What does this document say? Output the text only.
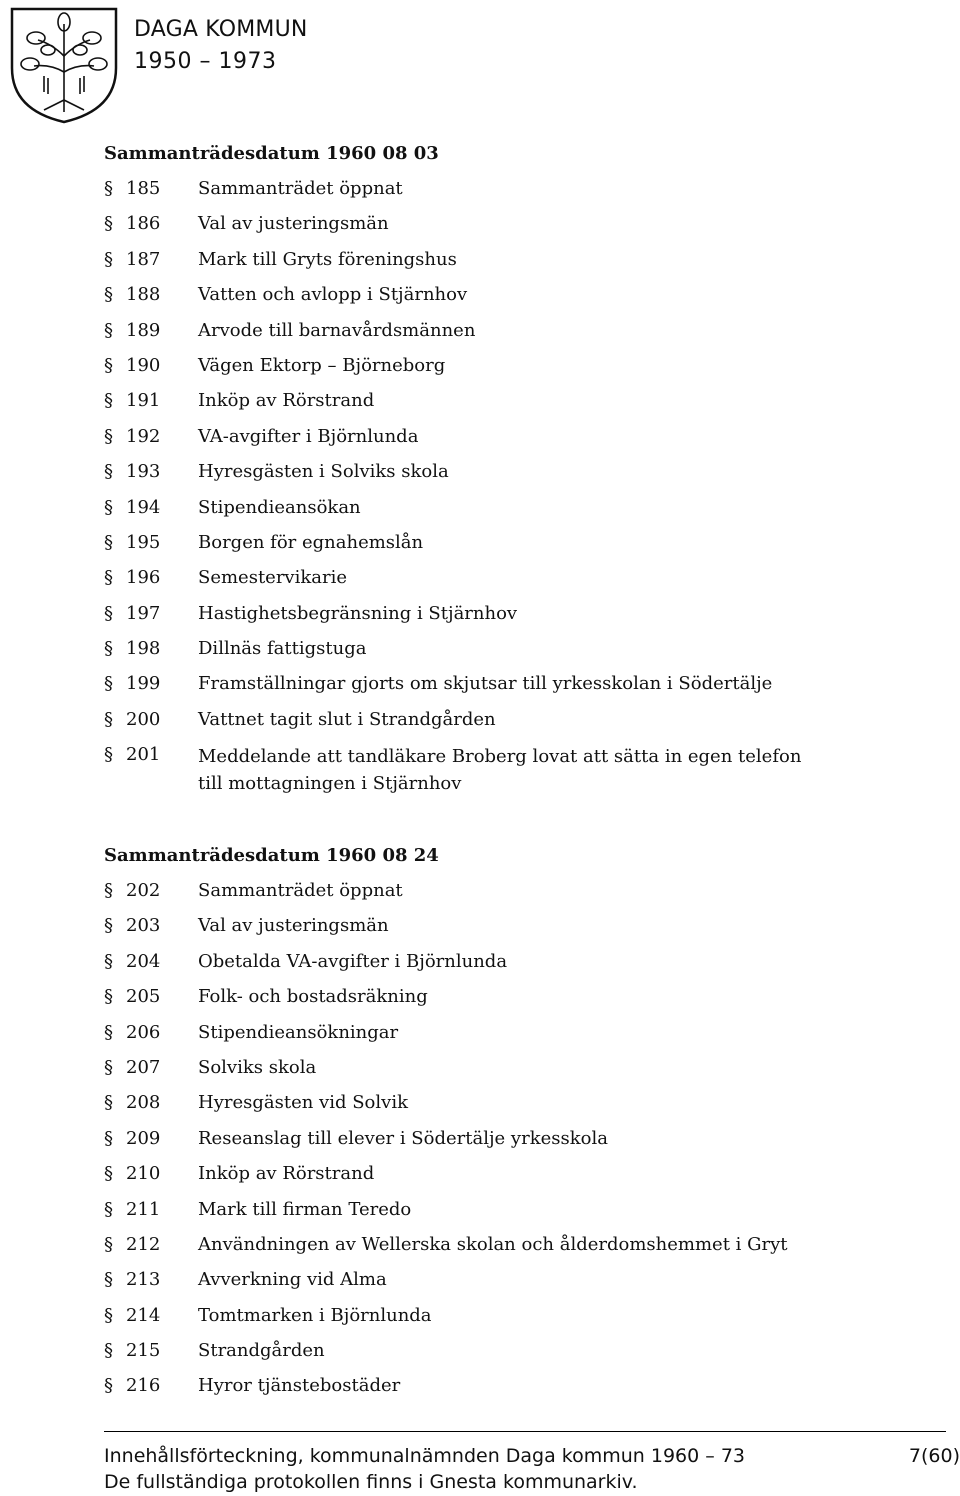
DAGA KOMMUN
1950 – 1973
Sammanträdesdatum 1960 08 03
§ 185	Sammanträdet öppnat
§ 186	Val av justeringsmän
§ 187	Mark till Gryts föreningshus
§ 188	Vatten och avlopp i Stjärnhov
§ 189	Arvode till barnavårdsmännen
§ 190	Vägen Ektorp – Björneborg
§ 191	Inköp av Rörstrand
§ 192	VA-avgifter i Björnlunda
§ 193	Hyresgästen i Solviks skola
§ 194	Stipendieansökan
§ 195	Borgen för egnahemslån
§ 196	Semestervikarie
§ 197	Hastighetsbegränsning i Stjärnhov
§ 198	Dillnäs fattigstuga
§ 199	Framställningar gjorts om skjutsar till yrkesskolan i Södertälje
§ 200	Vattnet tagit slut i Strandgården
§ 201	Meddelande att tandläkare Broberg lovat att sätta in egen telefon till mottagningen i Stjärnhov
Sammanträdesdatum 1960 08 24
§ 202	Sammanträdet öppnat
§ 203	Val av justeringsmän
§ 204	Obetalda VA-avgifter i Björnlunda
§ 205	Folk- och bostadsräkning
§ 206	Stipendieansökningar
§ 207	Solviks skola
§ 208	Hyresgästen vid Solvik
§ 209	Reseanslag till elever i Södertälje yrkesskola
§ 210	Inköp av Rörstrand
§ 211	Mark till firman Teredo
§ 212	Användningen av Wellerska skolan och ålderdomshemmet i Gryt
§ 213	Avverkning vid Alma
§ 214	Tomtmarken i Björnlunda
§ 215	Strandgården
§ 216	Hyror tjänstebostäder
Innehållsförteckning, kommunalnämnden Daga kommun 1960 – 73	7(60)
De fullständiga protokollen finns i Gnesta kommunarkiv.
